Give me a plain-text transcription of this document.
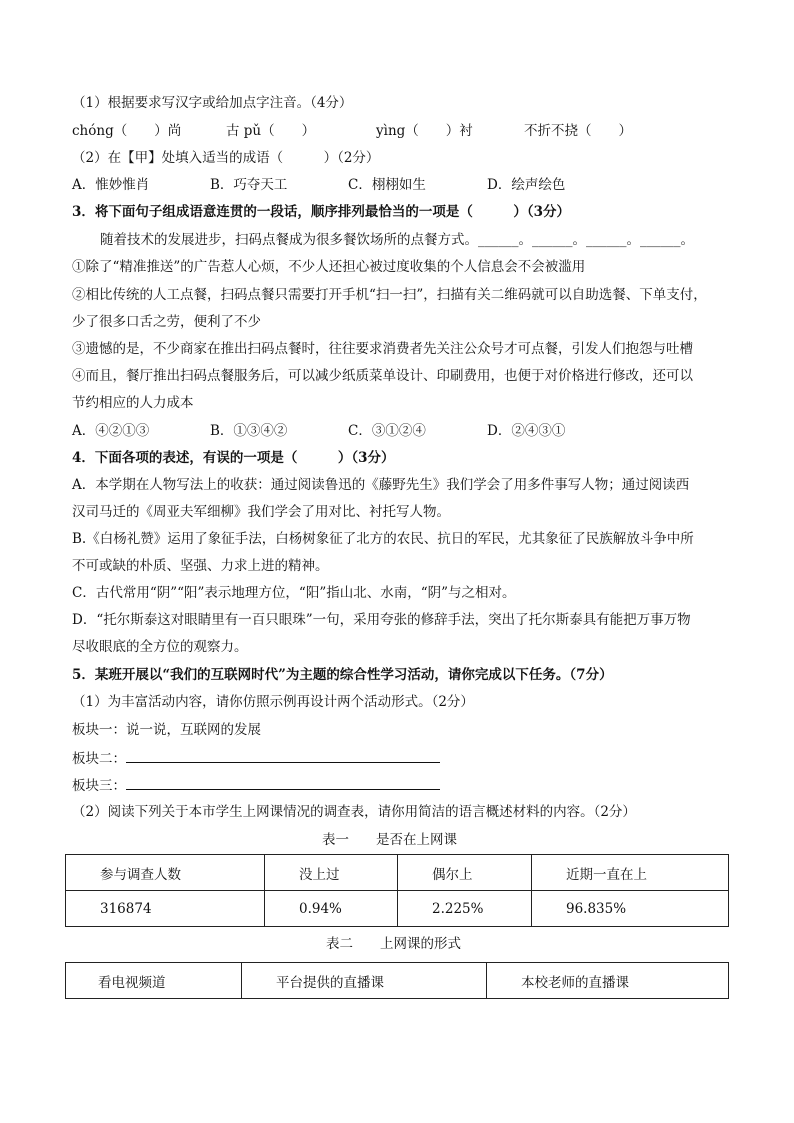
（1）根据要求写汉字或给加点字注音。（4分）
chóng（　　）尚	古 pǔ（　　）	yìng（　　）衬	不折不挠（　　）
（2）在【甲】处填入适当的成语（　　　）（2分）
A．惟妙惟肖	B．巧夺天工	C．栩栩如生	D．绘声绘色
3．将下面句子组成语意连贯的一段话，顺序排列最恰当的一项是（　　　）（3分）
随着技术的发展进步，扫码点餐成为很多餐饮场所的点餐方式。______。______。______。______。
①除了“精准推送”的广告惹人心烦，不少人还担心被过度收集的个人信息会不会被滥用
②相比传统的人工点餐，扫码点餐只需要打开手机“扫一扫”，扫描有关二维码就可以自助选餐、下单支付，
少了很多口舌之劳，便利了不少
③遗憾的是，不少商家在推出扫码点餐时，往往要求消费者先关注公众号才可点餐，引发人们抱怨与吐槽
④而且，餐厅推出扫码点餐服务后，可以减少纸质菜单设计、印刷费用，也便于对价格进行修改，还可以
节约相应的人力成本
A．④②①③	B．①③④②	C．③①②④	D．②④③①
4．下面各项的表述，有误的一项是（　　　）（3分）
A．本学期在人物写法上的收获：通过阅读鲁迅的《藤野先生》我们学会了用多件事写人物；通过阅读西
汉司马迁的《周亚夫军细柳》我们学会了用对比、衬托写人物。
B.《白杨礼赞》运用了象征手法，白杨树象征了北方的农民、抗日的军民，尤其象征了民族解放斗争中所
不可或缺的朴质、坚强、力求上进的精神。
C．古代常用“阴”“阳”表示地理方位，“阳”指山北、水南，“阴”与之相对。
D．“托尔斯泰这对眼睛里有一百只眼珠”一句，采用夸张的修辞手法，突出了托尔斯泰具有能把万事万物
尽收眼底的全方位的观察力。
5．某班开展以“我们的互联网时代”为主题的综合性学习活动，请你完成以下任务。（7分）
（1）为丰富活动内容，请你仿照示例再设计两个活动形式。（2分）
板块一：说一说，互联网的发展
板块二：
板块三：
（2）阅读下列关于本市学生上网课情况的调查表，请你用简洁的语言概述材料的内容。（2分）
表一　　是否在上网课
参与调查人数	没上过	偶尔上	近期一直在上
316874	0.94%	2.225%	96.835%
表二　　上网课的形式
看电视频道	平台提供的直播课	本校老师的直播课
